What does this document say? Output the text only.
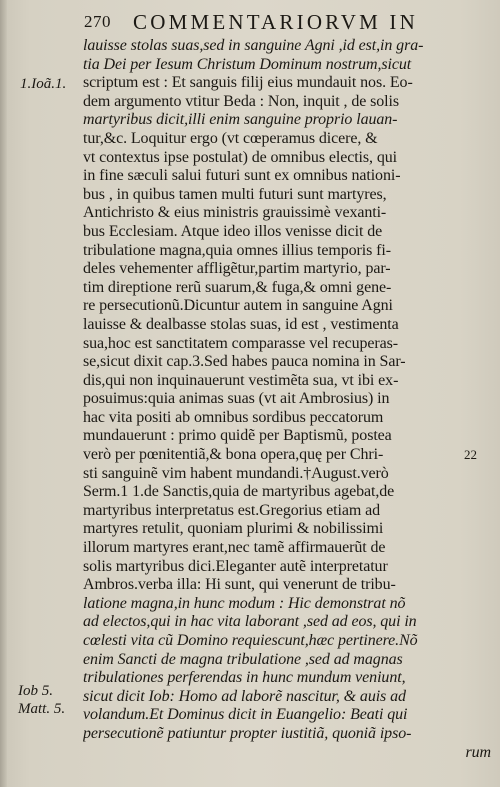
270 COMMENTARIORVM IN
1.Ioã.1.
22
Iob 5.
Matt. 5.
lauisse stolas suas,sed in sanguine Agni ,id est,in gra-
tia Dei per Iesum Christum Dominum nostrum,sicut
scriptum est : Et sanguis filij eius mundauit nos. Eo-
dem argumento vtitur Beda : Non, inquit , de solis
martyribus dicit,illi enim sanguine proprio lauan-
tur,&c. Loquitur ergo (vt cœperamus dicere, &
vt contextus ipse postulat) de omnibus electis, qui
in fine sæculi salui futuri sunt ex omnibus nationi-
bus , in quibus tamen multi futuri sunt martyres,
Antichristo & eius ministris grauissimè vexanti-
bus Ecclesiam. Atque ideo illos venisse dicit de
tribulatione magna,quia omnes illius temporis fi-
deles vehementer affligẽtur,partim martyrio, par-
tim direptione rerũ suarum,& fuga,& omni gene-
re persecutionũ.Dicuntur autem in sanguine Agni
lauisse & dealbasse stolas suas, id est , vestimenta
sua,hoc est sanctitatem comparasse vel recuperas-
se,sicut dixit cap.3.Sed habes pauca nomina in Sar-
dis,qui non inquinauerunt vestimẽta sua, vt ibi ex-
posuimus:quia animas suas (vt ait Ambrosius) in
hac vita positi ab omnibus sordibus peccatorum
mundauerunt : primo quidẽ per Baptismũ, postea
verò per pœnitentiã,& bona opera,quę per Chri-
sti sanguinẽ vim habent mundandi.†August.verò
Serm.1 1.de Sanctis,quia de martyribus agebat,de
martyribus interpretatus est.Gregorius etiam ad
martyres retulit, quoniam plurimi & nobilissimi
illorum martyres erant,nec tamẽ affirmauerũt de
solis martyribus dici.Eleganter autẽ interpretatur
Ambros.verba illa: Hi sunt, qui venerunt de tribu-
latione magna,in hunc modum : Hic demonstrat nõ
ad electos,qui in hac vita laborant ,sed ad eos, qui in
cœlesti vita cũ Domino requiescunt,hæc pertinere.Nõ
enim Sancti de magna tribulatione ,sed ad magnas
tribulationes perferendas in hunc mundum veniunt,
sicut dicit Iob: Homo ad laborẽ nascitur, & auis ad
volandum.Et Dominus dicit in Euangelio: Beati qui
persecutionẽ patiuntur propter iustitiã, quoniã ipso-
rum
